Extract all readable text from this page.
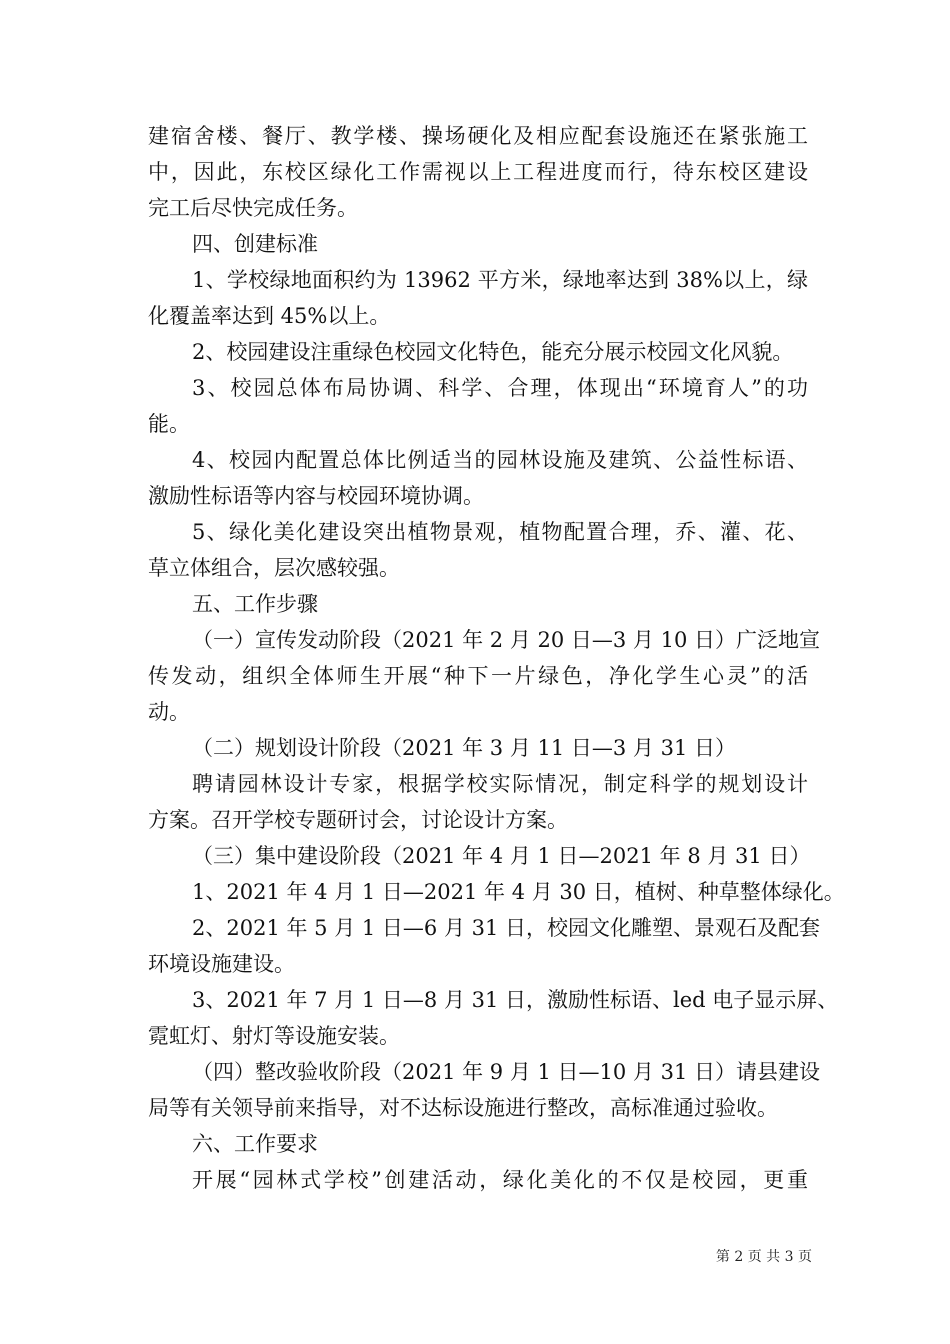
建宿舍楼、餐厅、教学楼、操场硬化及相应配套设施还在紧张施工
中，因此，东校区绿化工作需视以上工程进度而行，待东校区建设
完工后尽快完成任务。
四、创建标准
1、学校绿地面积约为 13962 平方米，绿地率达到 38%以上，绿
化覆盖率达到 45%以上。
2、校园建设注重绿色校园文化特色，能充分展示校园文化风貌。
3、校园总体布局协调、科学、合理，体现出“环境育人”的功
能。
4、校园内配置总体比例适当的园林设施及建筑、公益性标语、
激励性标语等内容与校园环境协调。
5、绿化美化建设突出植物景观，植物配置合理，乔、灌、花、
草立体组合，层次感较强。
五、工作步骤
（一）宣传发动阶段（2021 年 2 月 20 日—3 月 10 日）广泛地宣
传发动，组织全体师生开展“种下一片绿色，净化学生心灵”的活
动。
（二）规划设计阶段（2021 年 3 月 11 日—3 月 31 日）
聘请园林设计专家，根据学校实际情况，制定科学的规划设计
方案。召开学校专题研讨会，讨论设计方案。
（三）集中建设阶段（2021 年 4 月 1 日—2021 年 8 月 31 日）
1、2021 年 4 月 1 日—2021 年 4 月 30 日，植树、种草整体绿化。
2、2021 年 5 月 1 日—6 月 31 日，校园文化雕塑、景观石及配套
环境设施建设。
3、2021 年 7 月 1 日—8 月 31 日，激励性标语、led 电子显示屏、
霓虹灯、射灯等设施安装。
（四）整改验收阶段（2021 年 9 月 1 日—10 月 31 日）请县建设
局等有关领导前来指导，对不达标设施进行整改，高标准通过验收。
六、工作要求
开展“园林式学校”创建活动，绿化美化的不仅是校园，更重
第 2 页 共 3 页
